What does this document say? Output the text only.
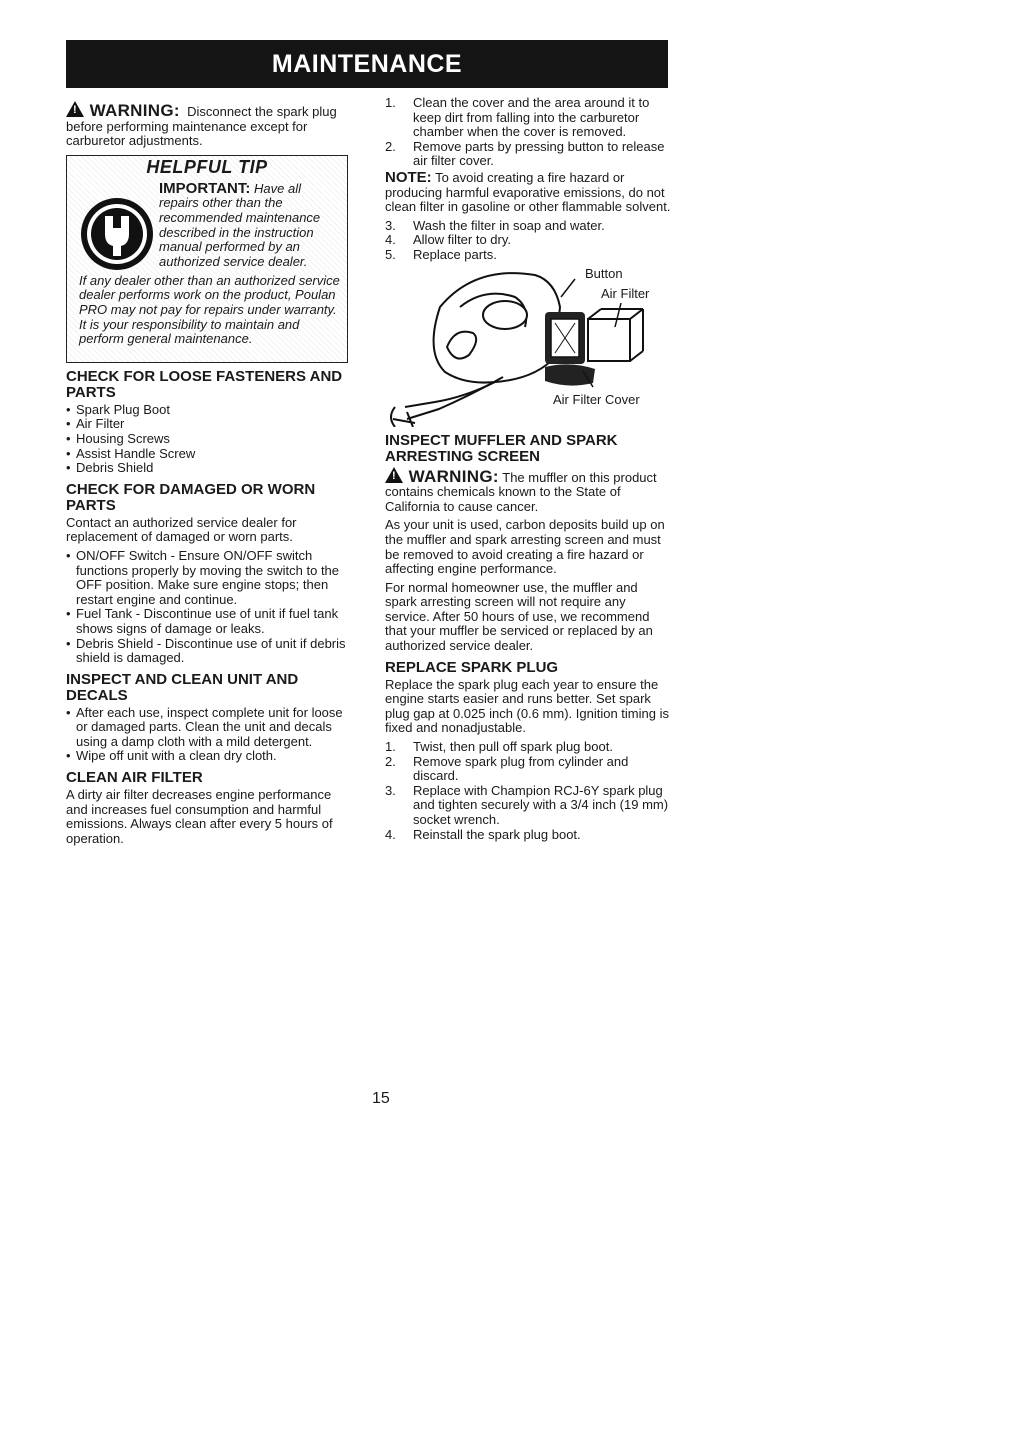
MAINTENANCE

! WARNING: Disconnect the spark plug before performing maintenance except for carburetor adjustments.

HELPFUL TIP
IMPORTANT: Have all repairs other than the recommended maintenance described in the instruction manual performed by an authorized service dealer.
If any dealer other than an authorized service dealer performs work on the product, Poulan PRO may not pay for repairs under warranty. It is your responsibility to maintain and perform general maintenance.
CHECK FOR LOOSE FASTENERS AND PARTS
• Spark Plug Boot
• Air Filter
• Housing Screws
• Assist Handle Screw
• Debris Shield
CHECK FOR DAMAGED OR WORN PARTS

Contact an authorized service dealer for replacement of damaged or worn parts.

• ON/OFF Switch - Ensure ON/OFF switch functions properly by moving the switch to the OFF position. Make sure engine stops; then restart engine and continue.
• Fuel Tank - Discontinue use of unit if fuel tank shows signs of damage or leaks.
• Debris Shield - Discontinue use of unit if debris shield is damaged.
INSPECT AND CLEAN UNIT AND DECALS
• After each use, inspect complete unit for loose or damaged parts. Clean the unit and decals using a damp cloth with a mild detergent.
• Wipe off unit with a clean dry cloth.
CLEAN AIR FILTER

A dirty air filter decreases engine performance and increases fuel consumption and harmful emissions. Always clean after every 5 hours of operation.

1. Clean the cover and the area around it to keep dirt from falling into the carburetor chamber when the cover is removed.
2. Remove parts by pressing button to release air filter cover.

NOTE: To avoid creating a fire hazard or producing harmful evaporative emissions, do not clean filter in gasoline or other flammable solvent.

3. Wash the filter in soap and water.
4. Allow filter to dry.
5. Replace parts.
Button
Air Filter
Air Filter Cover
INSPECT MUFFLER AND SPARK ARRESTING SCREEN

! WARNING: The muffler on this product contains chemicals known to the State of California to cause cancer.

As your unit is used, carbon deposits build up on the muffler and spark arresting screen and must be removed to avoid creating a fire hazard or affecting engine performance.

For normal homeowner use, the muffler and spark arresting screen will not require any service. After 50 hours of use, we recommend that your muffler be serviced or replaced by an authorized service dealer.

REPLACE SPARK PLUG

Replace the spark plug each year to ensure the engine starts easier and runs better. Set spark plug gap at 0.025 inch (0.6 mm). Ignition timing is fixed and nonadjustable.

1. Twist, then pull off spark plug boot.
2. Remove spark plug from cylinder and discard.
3. Replace with Champion RCJ-6Y spark plug and tighten securely with a 3/4 inch (19 mm) socket wrench.
4. Reinstall the spark plug boot.
15
